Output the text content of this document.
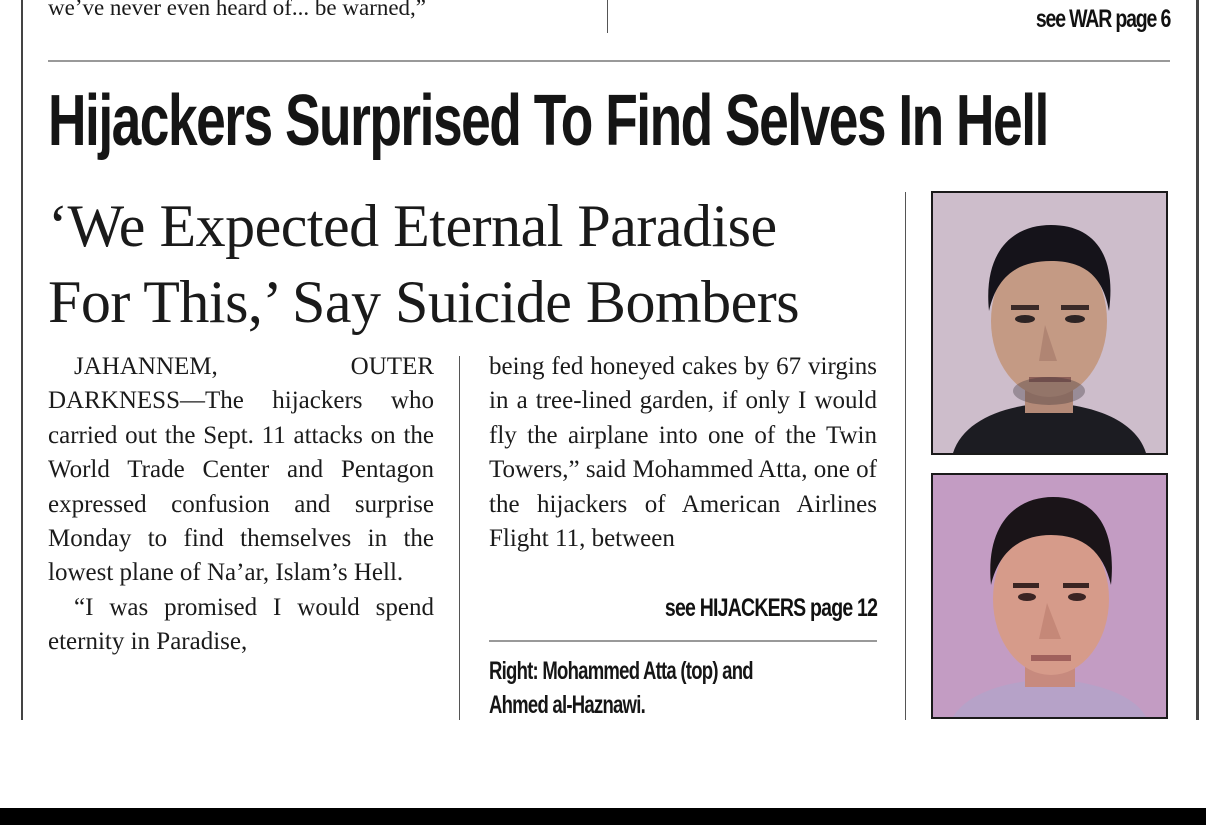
we’ve never even heard of... be warned,”	see WAR page 6
Hijackers Surprised To Find Selves In Hell
‘We Expected Eternal Paradise
For This,’ Say Suicide Bombers

JAHANNEM, OUTER DARKNESS—The hijackers who carried out the Sept. 11 attacks on the World Trade Center and Pentagon expressed confusion and surprise Monday to find themselves in the lowest plane of Na’ar, Islam’s Hell.

“I was promised I would spend eternity in Paradise,

being fed honeyed cakes by 67 virgins in a tree-lined garden, if only I would fly the airplane into one of the Twin Towers,” said Mohammed Atta, one of the hijackers of American Airlines Flight 11, between

see HIJACKERS page 12
Right: Mohammed Atta (top) and
Ahmed al-Haznawi.
